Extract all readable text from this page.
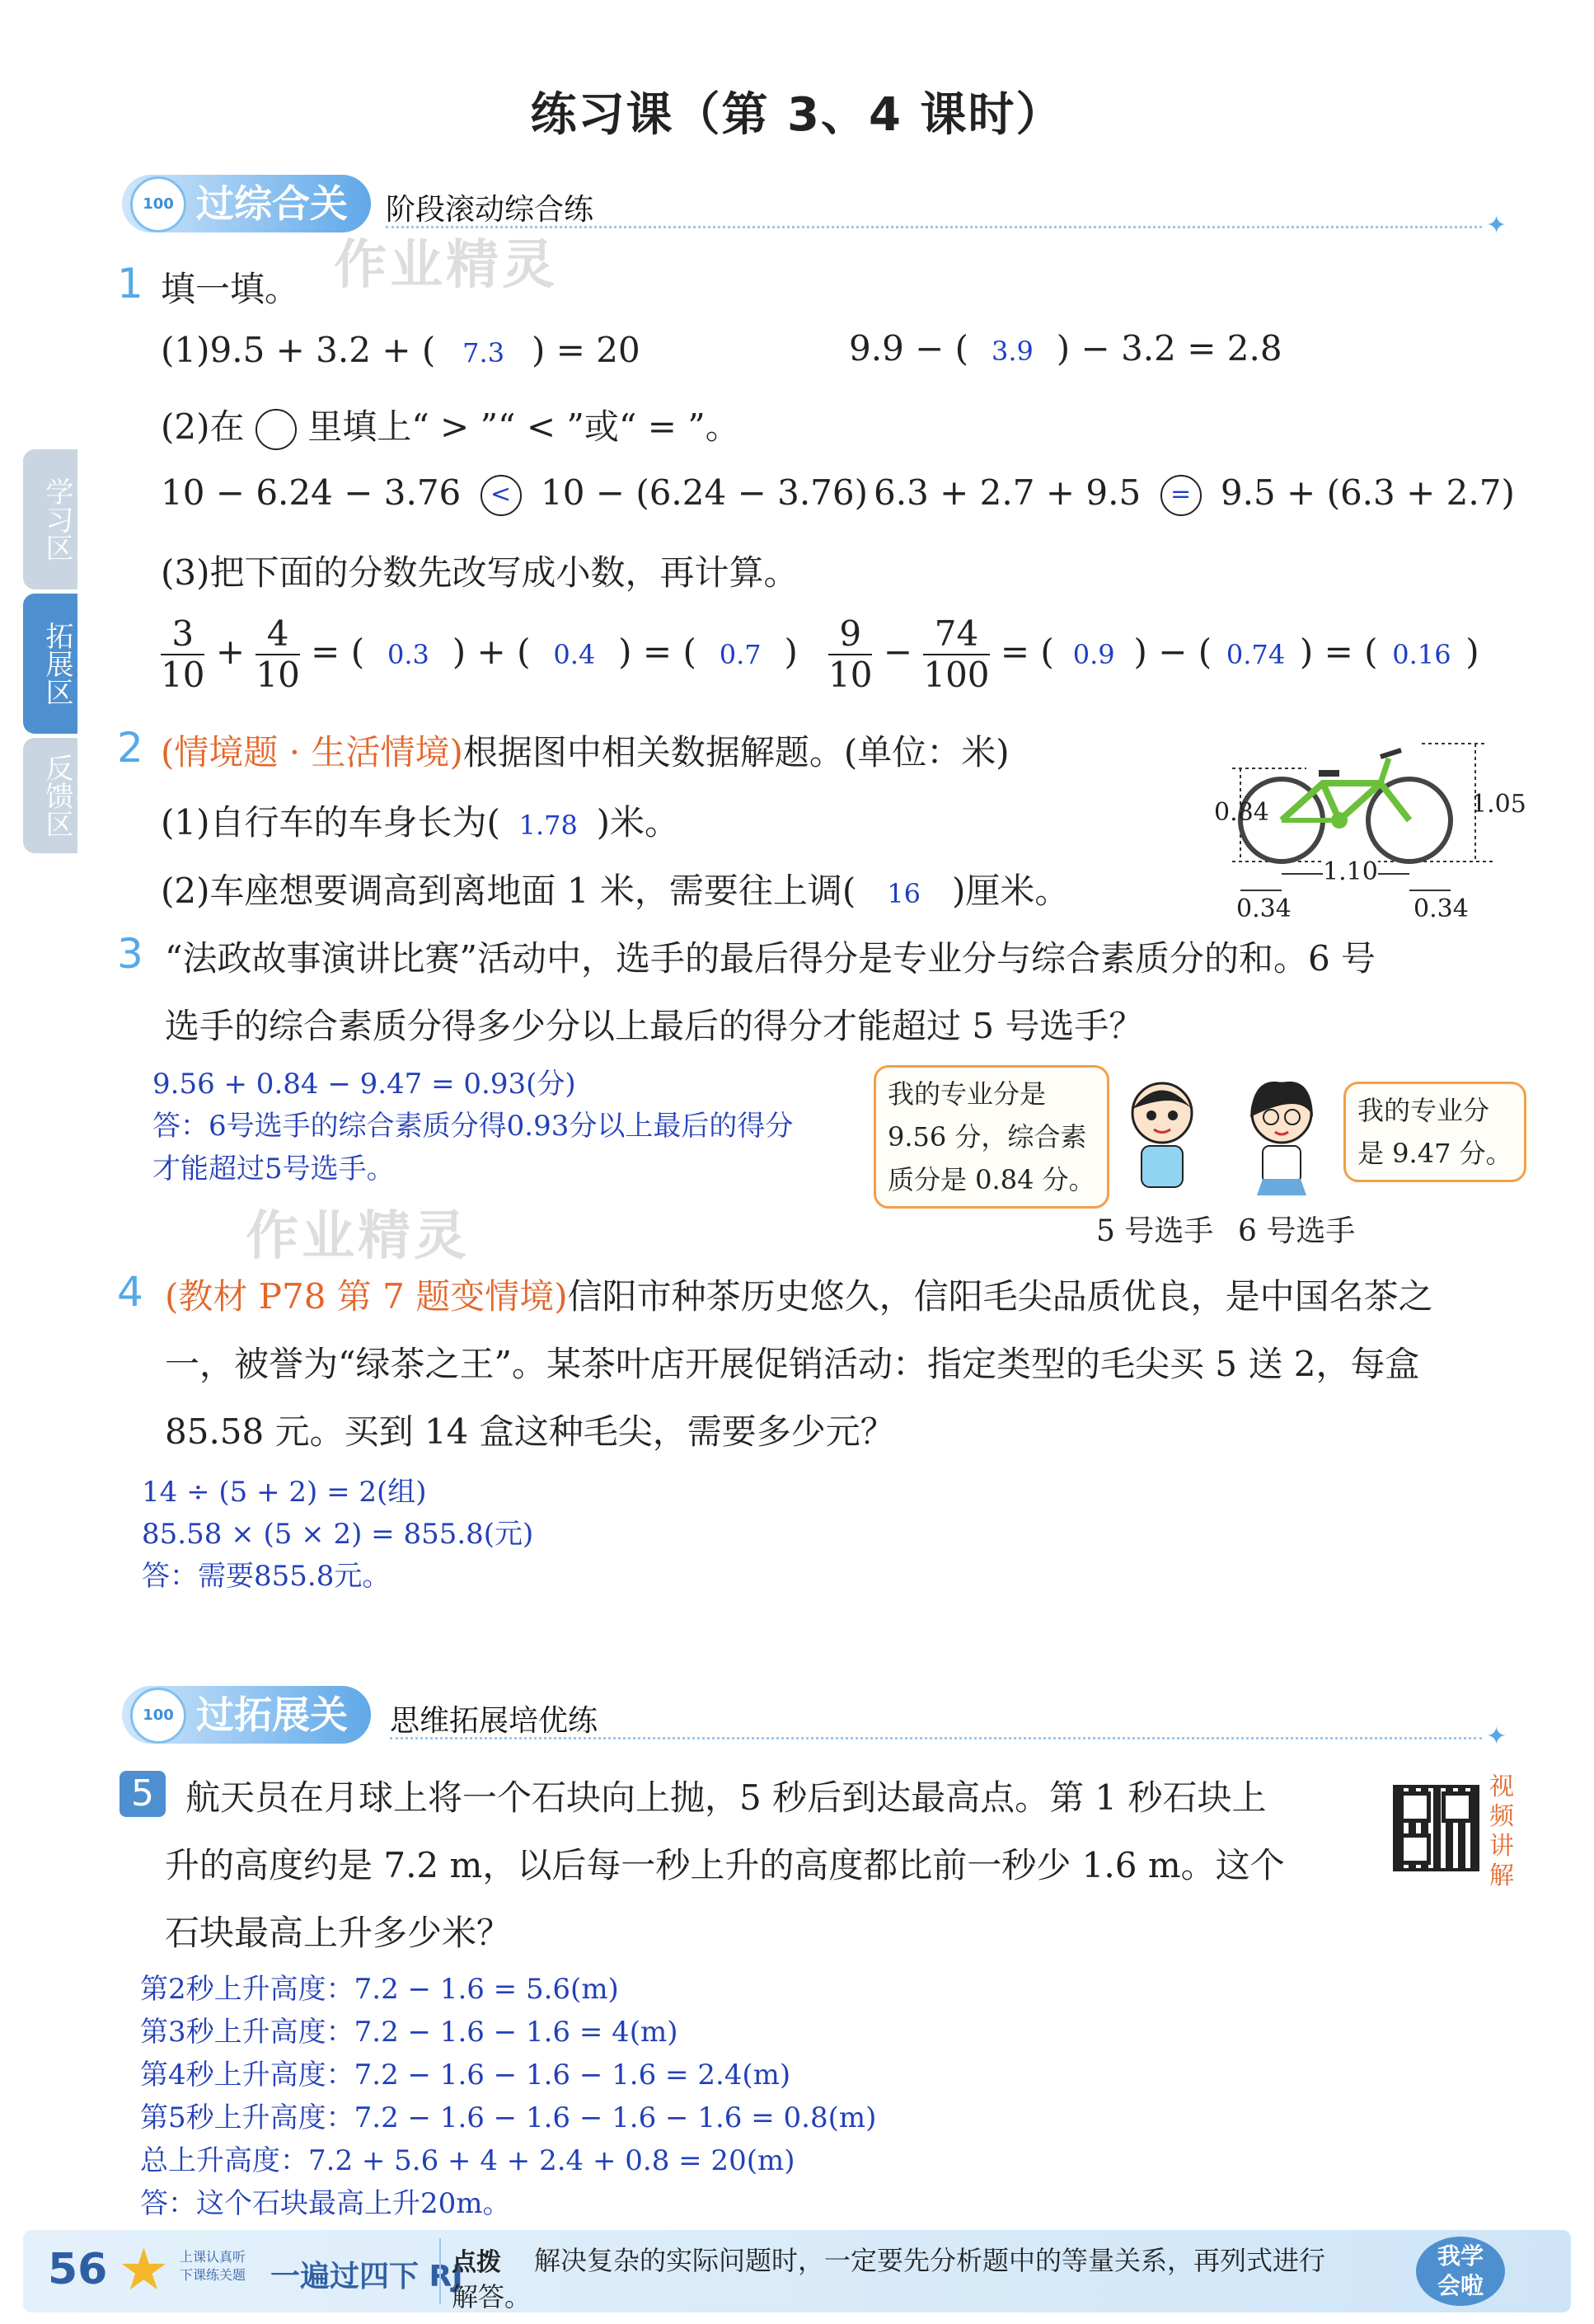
练习课（第 3、4 课时）
学习区
拓展区
反馈区
过综合关
100	阶段滚动综合练	✦
作业精灵
1 填一填。
(1)9.5 + 3.2 + ( 7.3 ) = 20	9.9 − ( 3.9 ) − 3.2 = 2.8
(2)在 里填上“ > ”“ < ”或“ = ”。
10 − 6.24 − 3.76 < 10 − (6.24 − 3.76) 6.3 + 2.7 + 9.5 = 9.5 + (6.3 + 2.7)
(3)把下面的分数先改写成小数，再计算。
$\frac{3}{10} + \frac{4}{10}$ = ( 0.3 ) + ( 0.4 ) = ( 0.7 ) $\frac{9}{10} - \frac{74}{100}$ = ( 0.9 ) − ( 0.74 ) = ( 0.16 )
2 (情境题 · 生活情境)根据图中相关数据解题。(单位：米)
(1)自行车的车身长为( 1.78 )米。
(2)车座想要调高到离地面 1 米，需要往上调( 16 )厘米。
0.84	1.05
1.10
0.34	0.34
3 “法政故事演讲比赛”活动中，选手的最后得分是专业分与综合素质分的和。6 号
选手的综合素质分得多少分以上最后的得分才能超过 5 号选手？
9.56 + 0.84 − 9.47 = 0.93(分)
答：6号选手的综合素质分得0.93分以上最后的得分
才能超过5号选手。
作业精灵
我的专业分是
9.56 分，综合素
质分是 0.84 分。
我的专业分
是 9.47 分。
5 号选手 6 号选手
4 (教材 P78 第 7 题变情境)信阳市种茶历史悠久，信阳毛尖品质优良，是中国名茶之
一，被誉为“绿茶之王”。某茶叶店开展促销活动：指定类型的毛尖买 5 送 2，每盒
85.58 元。买到 14 盒这种毛尖，需要多少元？
14 ÷ (5 + 2) = 2(组)
85.58 × (5 × 2) = 855.8(元)
答：需要855.8元。
过拓展关
100	思维拓展培优练	✦
5 航天员在月球上将一个石块向上抛，5 秒后到达最高点。第 1 秒石块上
升的高度约是 7.2 m，以后每一秒上升的高度都比前一秒少 1.6 m。这个
石块最高上升多少米？
视
频
讲
解
第2秒上升高度：7.2 − 1.6 = 5.6(m)
第3秒上升高度：7.2 − 1.6 − 1.6 = 4(m)
第4秒上升高度：7.2 − 1.6 − 1.6 − 1.6 = 2.4(m)
第5秒上升高度：7.2 − 1.6 − 1.6 − 1.6 − 1.6 = 0.8(m)
总上升高度：7.2 + 5.6 + 4 + 2.4 + 0.8 = 20(m)
答：这个石块最高上升20m。
56 ★ 上课认真听
下课练关题 一遍过四下 RJ
点拨 解决复杂的实际问题时，一定要先分析题中的等量关系，再列式进行
解答。
我学
会啦
